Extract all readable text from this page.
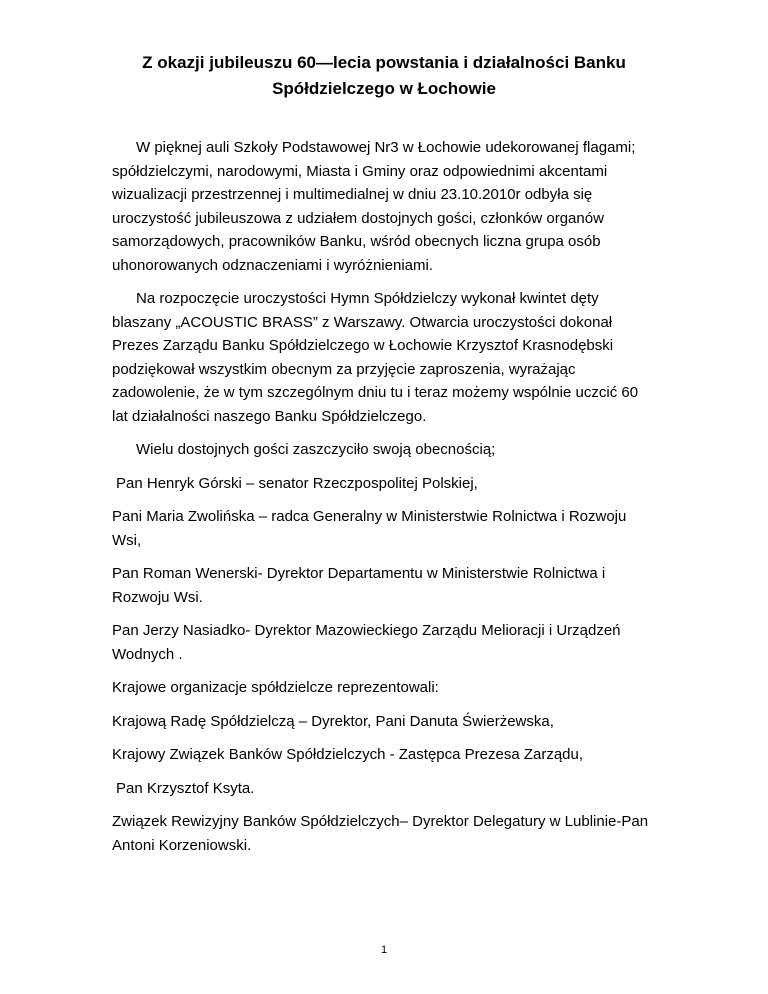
Z okazji jubileuszu 60—lecia powstania i działalności Banku
Spółdzielczego w Łochowie

W pięknej auli Szkoły Podstawowej Nr3 w Łochowie udekorowanej flagami; spółdzielczymi, narodowymi, Miasta i Gminy oraz odpowiednimi akcentami wizualizacji przestrzennej i multimedialnej w dniu 23.10.2010r odbyła się uroczystość jubileuszowa z udziałem dostojnych gości, członków organów samorządowych, pracowników Banku, wśród obecnych liczna grupa osób uhonorowanych odznaczeniami i wyróżnieniami.

Na rozpoczęcie uroczystości Hymn Spółdzielczy wykonał kwintet dęty blaszany „ACOUSTIC BRASS” z Warszawy. Otwarcia uroczystości dokonał Prezes Zarządu Banku Spółdzielczego w Łochowie Krzysztof Krasnodębski podziękował wszystkim obecnym za przyjęcie zaproszenia, wyrażając zadowolenie, że w tym szczególnym dniu tu i teraz możemy wspólnie uczcić 60 lat działalności naszego Banku Spółdzielczego.

Wielu dostojnych gości zaszczyciło swoją obecnością;

Pan Henryk Górski – senator Rzeczpospolitej Polskiej,

Pani Maria Zwolińska – radca Generalny w Ministerstwie Rolnictwa i Rozwoju Wsi,

Pan Roman Wenerski- Dyrektor Departamentu w Ministerstwie Rolnictwa i Rozwoju Wsi.

Pan Jerzy Nasiadko- Dyrektor Mazowieckiego Zarządu Melioracji i Urządzeń Wodnych .

Krajowe organizacje spółdzielcze reprezentowali:

Krajową Radę Spółdzielczą – Dyrektor, Pani Danuta Świerżewska,

Krajowy Związek Banków Spółdzielczych - Zastępca Prezesa Zarządu,

Pan Krzysztof Ksyta.

Związek Rewizyjny Banków Spółdzielczych– Dyrektor Delegatury w Lublinie-Pan Antoni Korzeniowski.

1
